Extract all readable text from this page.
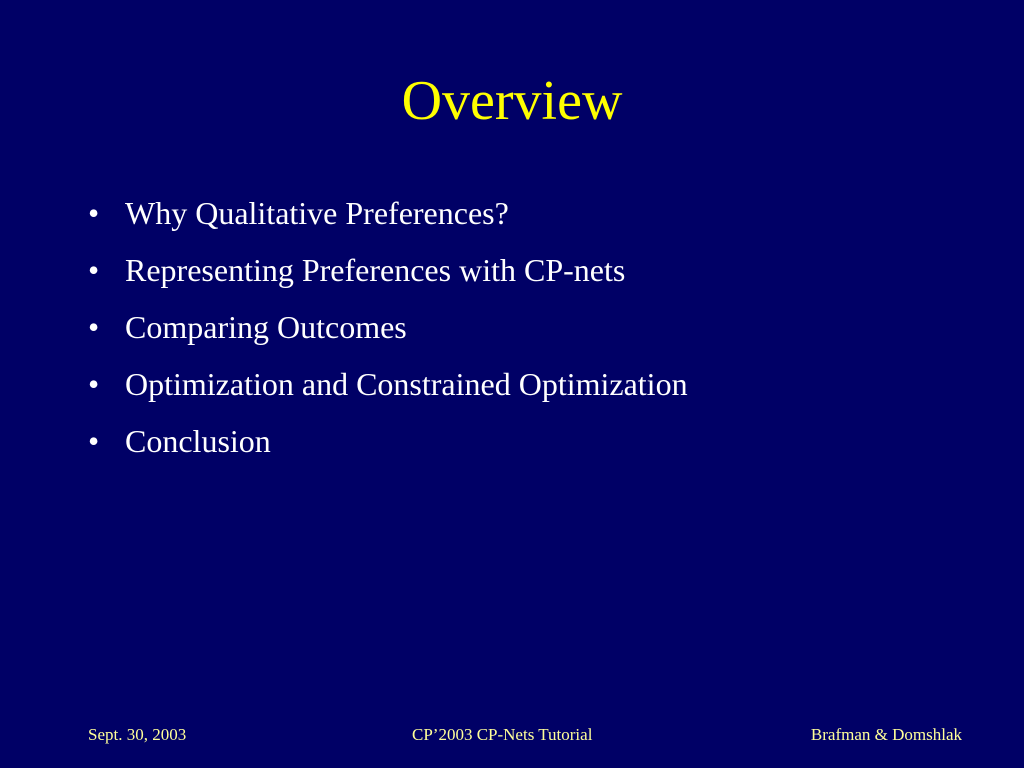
Overview
• Why Qualitative Preferences?
• Representing Preferences with CP-nets
• Comparing Outcomes
• Optimization and Constrained Optimization
• Conclusion
Sept. 30, 2003	CP’2003 CP-Nets Tutorial	Brafman & Domshlak
